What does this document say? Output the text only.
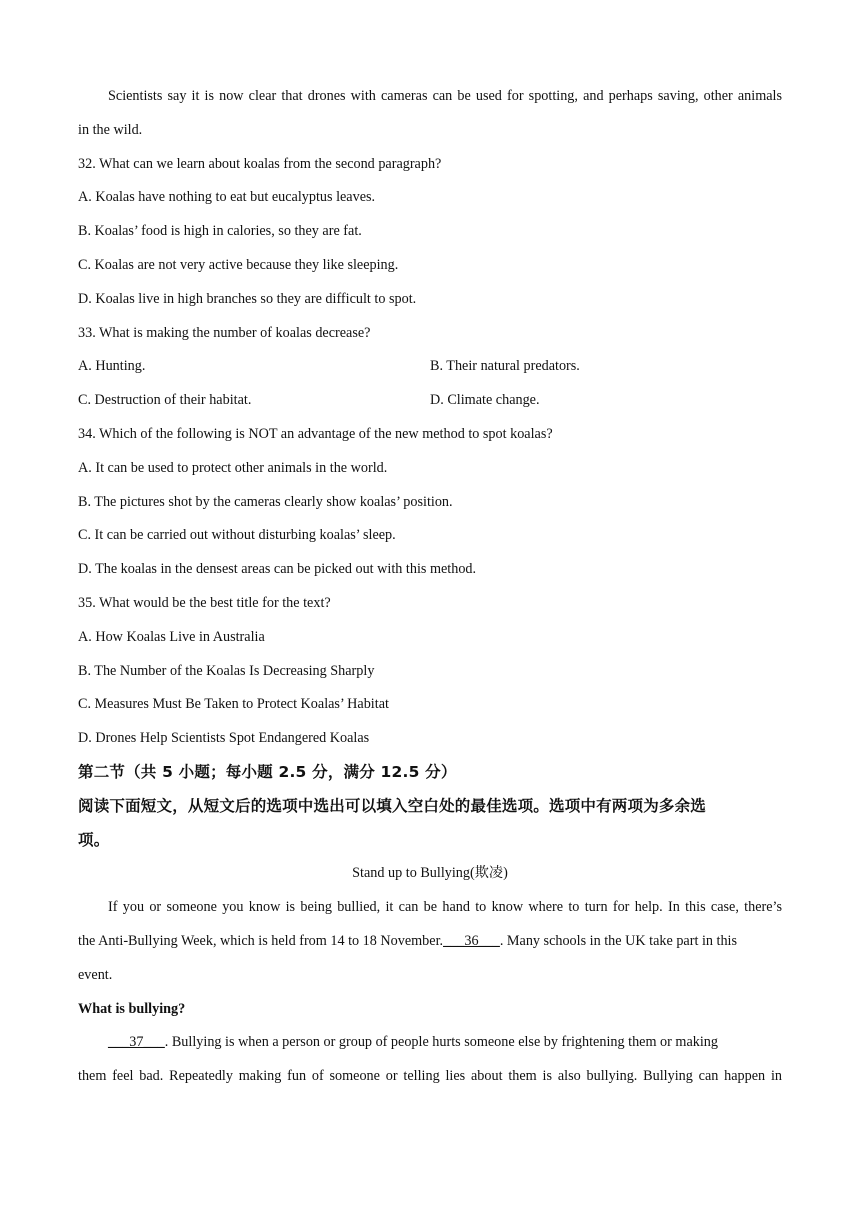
Scientists say it is now clear that drones with cameras can be used for spotting, and perhaps saving, other animals
in the wild.
32. What can we learn about koalas from the second paragraph?
A. Koalas have nothing to eat but eucalyptus leaves.
B. Koalas’ food is high in calories, so they are fat.
C. Koalas are not very active because they like sleeping.
D. Koalas live in high branches so they are difficult to spot.
33. What is making the number of koalas decrease?
A. Hunting.	B. Their natural predators.
C. Destruction of their habitat.	D. Climate change.
34. Which of the following is NOT an advantage of the new method to spot koalas?
A. It can be used to protect other animals in the world.
B. The pictures shot by the cameras clearly show koalas’ position.
C. It can be carried out without disturbing koalas’ sleep.
D. The koalas in the densest areas can be picked out with this method.
35. What would be the best title for the text?
A. How Koalas Live in Australia
B. The Number of the Koalas Is Decreasing Sharply
C. Measures Must Be Taken to Protect Koalas’ Habitat
D. Drones Help Scientists Spot Endangered Koalas
第二节（共 5 小题；每小题 2.5 分，满分 12.5 分）
阅读下面短文，从短文后的选项中选出可以填入空白处的最佳选项。选项中有两项为多余选
项。
Stand up to Bullying(欺凌)
If you or someone you know is being bullied, it can be hand to know where to turn for help. In this case, there’s
the Anti-Bullying Week, which is held from 14 to 18 November.___36___. Many schools in the UK take part in this
event.
What is bullying?
___37___. Bullying is when a person or group of people hurts someone else by frightening them or making
them feel bad. Repeatedly making fun of someone or telling lies about them is also bullying. Bullying can happen in
